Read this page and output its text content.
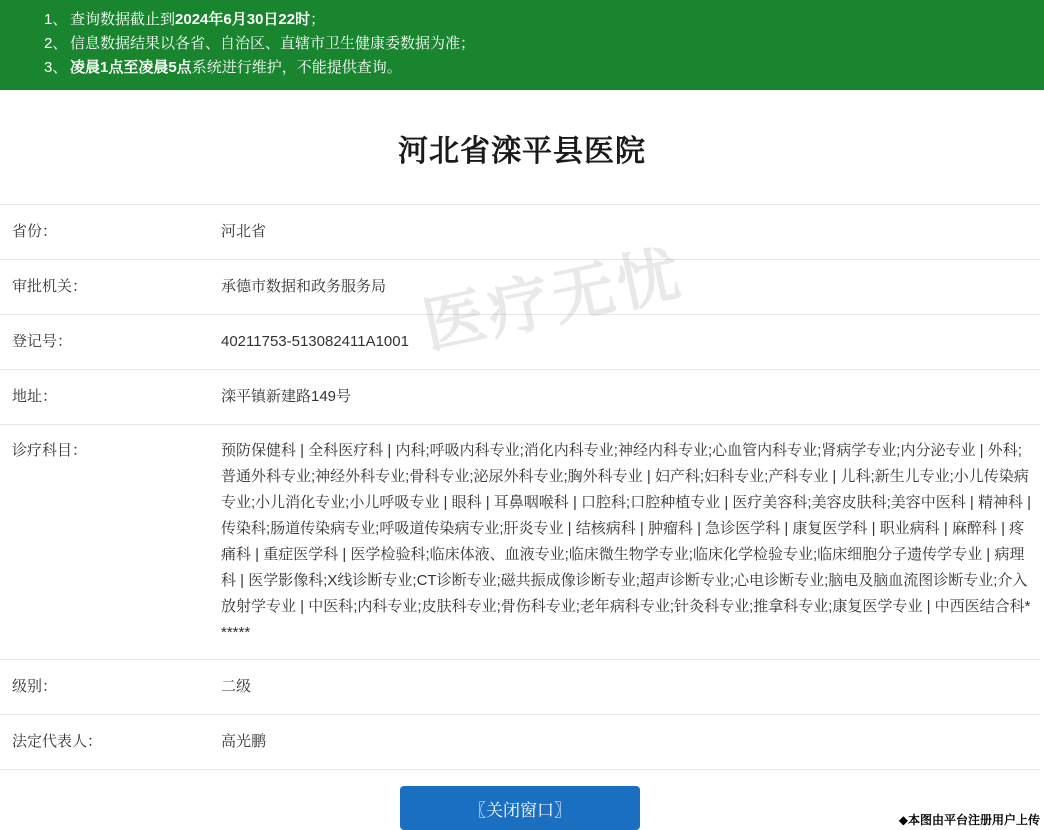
1、 查询数据截止到2024年6月30日22时；
2、 信息数据结果以各省、自治区、直辖市卫生健康委数据为准；
3、 凌晨1点至凌晨5点系统进行维护，不能提供查询。
河北省滦平县医院
医疗无忧
省份：	河北省
审批机关：	承德市数据和政务服务局
登记号：	40211753-513082411A1001
地址：	滦平镇新建路149号
诊疗科目：	预防保健科 | 全科医疗科 | 内科;呼吸内科专业;消化内科专业;神经内科专业;心血管内科专业;肾病学专业;内分泌专业 | 外科;普通外科专业;神经外科专业;骨科专业;泌尿外科专业;胸外科专业 | 妇产科;妇科专业;产科专业 | 儿科;新生儿专业;小儿传染病专业;小儿消化专业;小儿呼吸专业 | 眼科 | 耳鼻咽喉科 | 口腔科;口腔种植专业 | 医疗美容科;美容皮肤科;美容中医科 | 精神科 | 传染科;肠道传染病专业;呼吸道传染病专业;肝炎专业 | 结核病科 | 肿瘤科 | 急诊医学科 | 康复医学科 | 职业病科 | 麻醉科 | 疼痛科 | 重症医学科 | 医学检验科;临床体液、血液专业;临床微生物学专业;临床化学检验专业;临床细胞分子遗传学专业 | 病理科 | 医学影像科;X线诊断专业;CT诊断专业;磁共振成像诊断专业;超声诊断专业;心电诊断专业;脑电及脑血流图诊断专业;介入放射学专业 | 中医科;内科专业;皮肤科专业;骨伤科专业;老年病科专业;针灸科专业;推拿科专业;康复医学专业 | 中西医结合科******
级别：	二级
法定代表人：	高光鹏
〖关闭窗口〗
◆本图由平台注册用户上传
